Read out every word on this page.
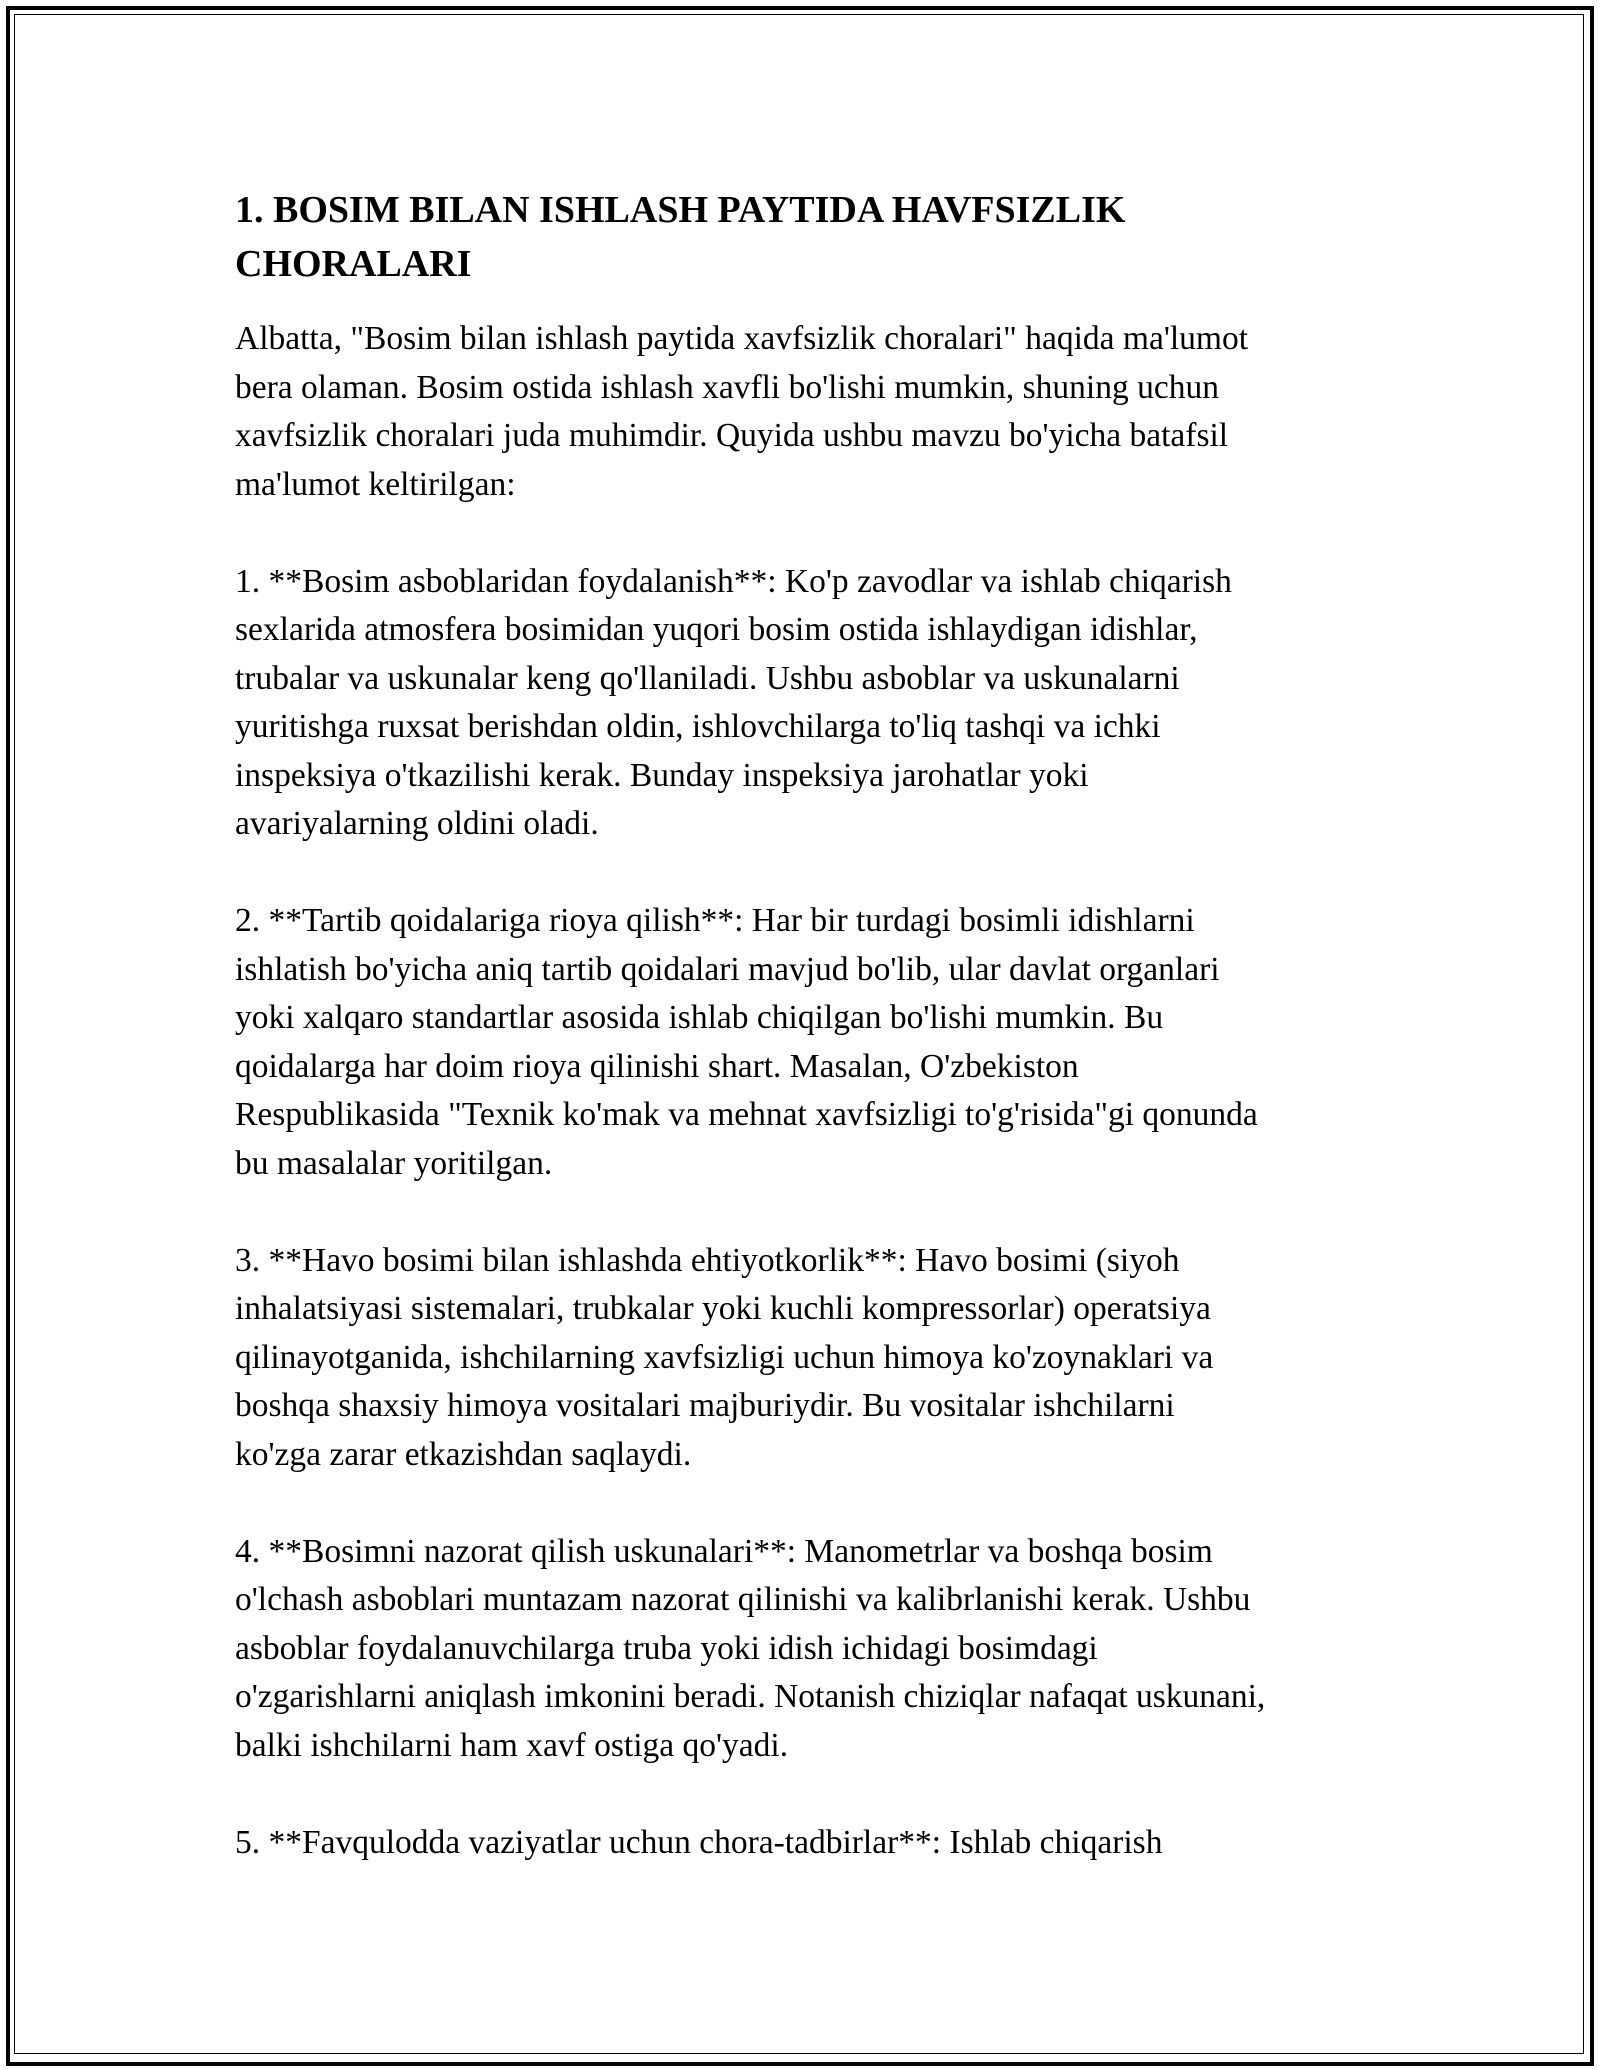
1. BOSIM BILAN ISHLASH PAYTIDA HAVFSIZLIK
CHORALARI

Albatta, "Bosim bilan ishlash paytida xavfsizlik choralari" haqida ma'lumot
bera olaman. Bosim ostida ishlash xavfli bo'lishi mumkin, shuning uchun
xavfsizlik choralari juda muhimdir. Quyida ushbu mavzu bo'yicha batafsil
ma'lumot keltirilgan:

1. **Bosim asboblaridan foydalanish**: Ko'p zavodlar va ishlab chiqarish
sexlarida atmosfera bosimidan yuqori bosim ostida ishlaydigan idishlar,
trubalar va uskunalar keng qo'llaniladi. Ushbu asboblar va uskunalarni
yuritishga ruxsat berishdan oldin, ishlovchilarga to'liq tashqi va ichki
inspeksiya o'tkazilishi kerak. Bunday inspeksiya jarohatlar yoki
avariyalarning oldini oladi.

2. **Tartib qoidalariga rioya qilish**: Har bir turdagi bosimli idishlarni
ishlatish bo'yicha aniq tartib qoidalari mavjud bo'lib, ular davlat organlari
yoki xalqaro standartlar asosida ishlab chiqilgan bo'lishi mumkin. Bu
qoidalarga har doim rioya qilinishi shart. Masalan, O'zbekiston
Respublikasida "Texnik ko'mak va mehnat xavfsizligi to'g'risida"gi qonunda
bu masalalar yoritilgan.

3. **Havo bosimi bilan ishlashda ehtiyotkorlik**: Havo bosimi (siyoh
inhalatsiyasi sistemalari, trubkalar yoki kuchli kompressorlar) operatsiya
qilinayotganida, ishchilarning xavfsizligi uchun himoya ko'zoynaklari va
boshqa shaxsiy himoya vositalari majburiydir. Bu vositalar ishchilarni
ko'zga zarar etkazishdan saqlaydi.

4. **Bosimni nazorat qilish uskunalari**: Manometrlar va boshqa bosim
o'lchash asboblari muntazam nazorat qilinishi va kalibrlanishi kerak. Ushbu
asboblar foydalanuvchilarga truba yoki idish ichidagi bosimdagi
o'zgarishlarni aniqlash imkonini beradi. Notanish chiziqlar nafaqat uskunani,
balki ishchilarni ham xavf ostiga qo'yadi.

5. **Favqulodda vaziyatlar uchun chora-tadbirlar**: Ishlab chiqarish
